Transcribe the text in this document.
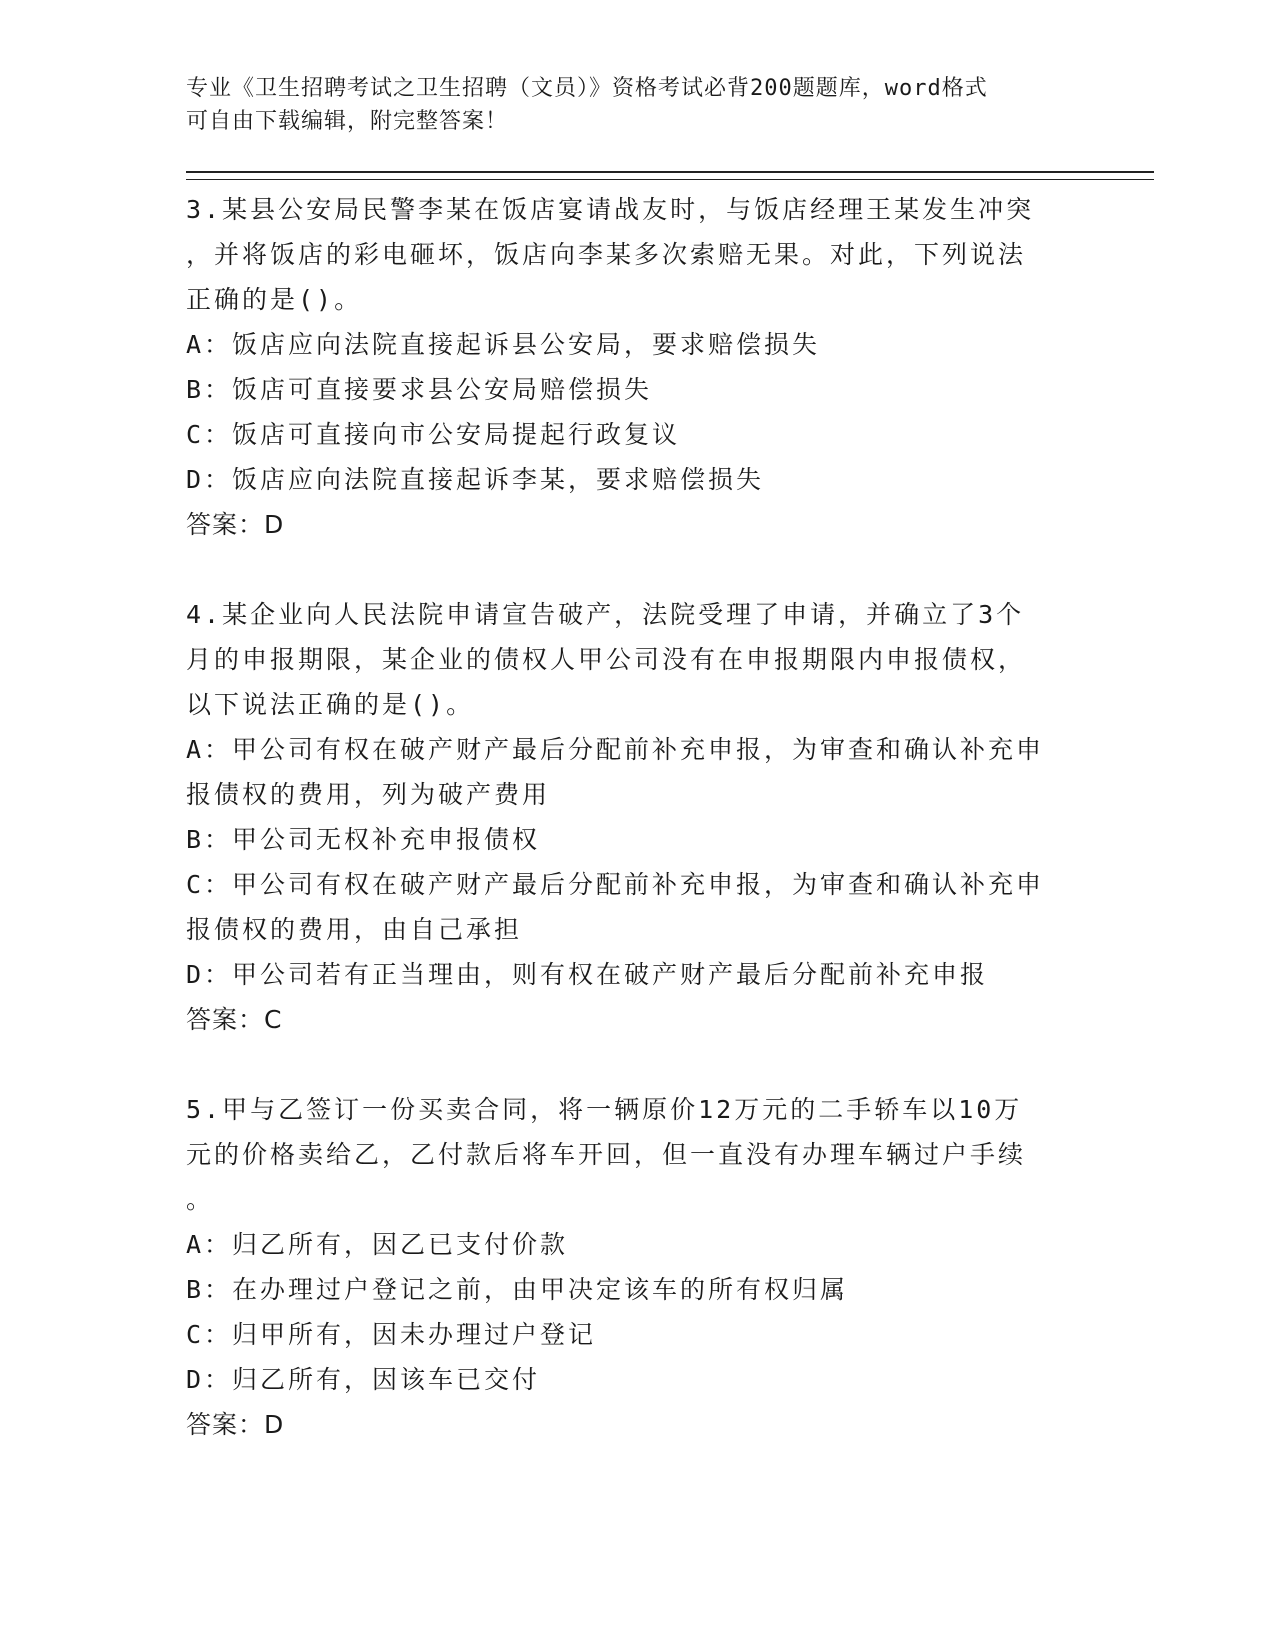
专业《卫生招聘考试之卫生招聘（文员）》资格考试必背200题题库，word格式
可自由下载编辑，附完整答案！
3.某县公安局民警李某在饭店宴请战友时，与饭店经理王某发生冲突
，并将饭店的彩电砸坏，饭店向李某多次索赔无果。对此，下列说法
正确的是()。
A：饭店应向法院直接起诉县公安局，要求赔偿损失
B：饭店可直接要求县公安局赔偿损失
C：饭店可直接向市公安局提起行政复议
D：饭店应向法院直接起诉李某，要求赔偿损失
答案：D
4.某企业向人民法院申请宣告破产，法院受理了申请，并确立了3个
月的申报期限，某企业的债权人甲公司没有在申报期限内申报债权，
以下说法正确的是()。
A：甲公司有权在破产财产最后分配前补充申报，为审查和确认补充申
报债权的费用，列为破产费用
B：甲公司无权补充申报债权
C：甲公司有权在破产财产最后分配前补充申报，为审查和确认补充申
报债权的费用，由自己承担
D：甲公司若有正当理由，则有权在破产财产最后分配前补充申报
答案：C
5.甲与乙签订一份买卖合同，将一辆原价12万元的二手轿车以10万
元的价格卖给乙，乙付款后将车开回，但一直没有办理车辆过户手续
。
A：归乙所有，因乙已支付价款
B：在办理过户登记之前，由甲决定该车的所有权归属
C：归甲所有，因未办理过户登记
D：归乙所有，因该车已交付
答案：D
